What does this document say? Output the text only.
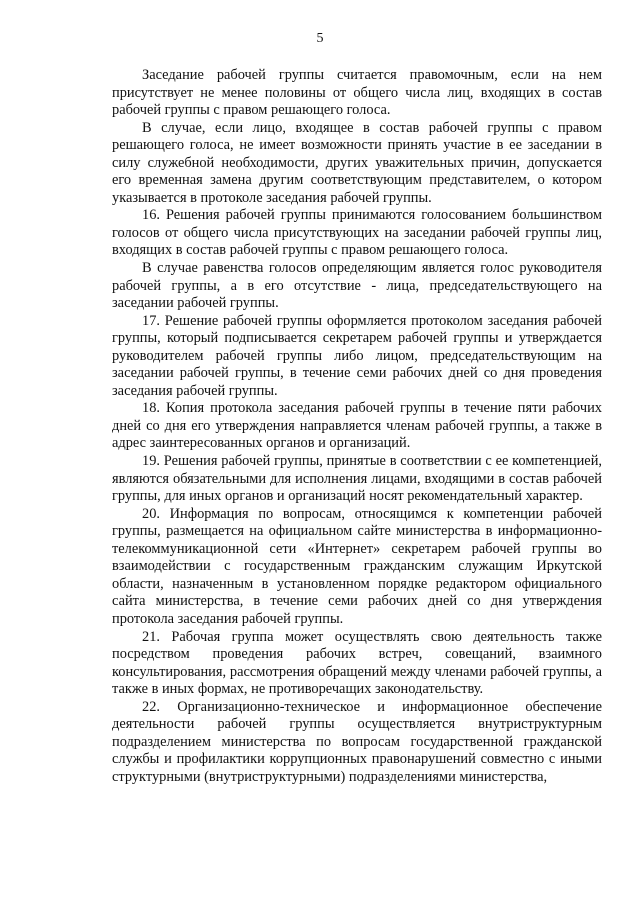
5

Заседание рабочей группы считается правомочным, если на нем присутствует не менее половины от общего числа лиц, входящих в состав рабочей группы с правом решающего голоса.

В случае, если лицо, входящее в состав рабочей группы с правом решающего голоса, не имеет возможности принять участие в ее заседании в силу служебной необходимости, других уважительных причин, допускается его временная замена другим соответствующим представителем, о котором указывается в протоколе заседания рабочей группы.

16. Решения рабочей группы принимаются голосованием большинством голосов от общего числа присутствующих на заседании рабочей группы лиц, входящих в состав рабочей группы с правом решающего голоса.

В случае равенства голосов определяющим является голос руководителя рабочей группы, а в его отсутствие - лица, председательствующего на заседании рабочей группы.

17. Решение рабочей группы оформляется протоколом заседания рабочей группы, который подписывается секретарем рабочей группы и утверждается руководителем рабочей группы либо лицом, председательствующим на заседании рабочей группы, в течение семи рабочих дней со дня проведения заседания рабочей группы.

18. Копия протокола заседания рабочей группы в течение пяти рабочих дней со дня его утверждения направляется членам рабочей группы, а также в адрес заинтересованных органов и организаций.

19. Решения рабочей группы, принятые в соответствии с ее компетенцией, являются обязательными для исполнения лицами, входящими в состав рабочей группы, для иных органов и организаций носят рекомендательный характер.

20. Информация по вопросам, относящимся к компетенции рабочей группы, размещается на официальном сайте министерства в информационно-телекоммуникационной сети «Интернет» секретарем рабочей группы во взаимодействии с государственным гражданским служащим Иркутской области, назначенным в установленном порядке редактором официального сайта министерства, в течение семи рабочих дней со дня утверждения протокола заседания рабочей группы.

21. Рабочая группа может осуществлять свою деятельность также посредством проведения рабочих встреч, совещаний, взаимного консультирования, рассмотрения обращений между членами рабочей группы, а также в иных формах, не противоречащих законодательству.

22. Организационно-техническое и информационное обеспечение деятельности рабочей группы осуществляется внутриструктурным подразделением министерства по вопросам государственной гражданской службы и профилактики коррупционных правонарушений совместно с иными структурными (внутриструктурными) подразделениями министерства,
